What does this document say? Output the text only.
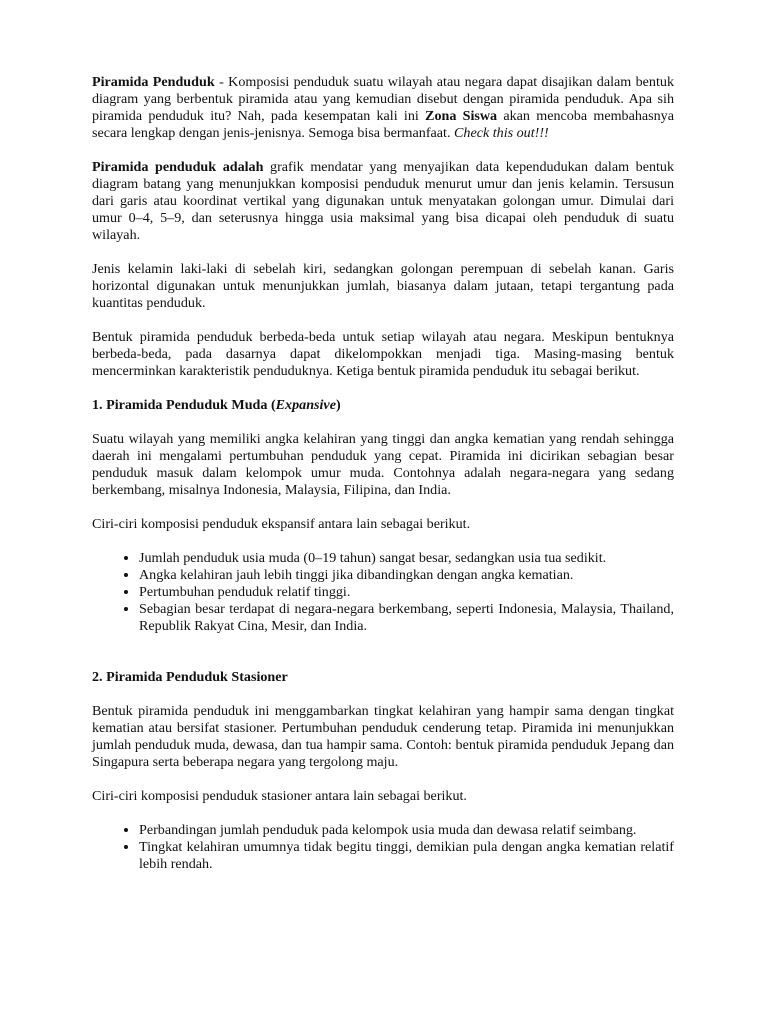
Piramida Penduduk - Komposisi penduduk suatu wilayah atau negara dapat disajikan dalam bentuk diagram yang berbentuk piramida atau yang kemudian disebut dengan piramida penduduk. Apa sih piramida penduduk itu? Nah, pada kesempatan kali ini Zona Siswa akan mencoba membahasnya secara lengkap dengan jenis-jenisnya. Semoga bisa bermanfaat. Check this out!!!

Piramida penduduk adalah grafik mendatar yang menyajikan data kependudukan dalam bentuk diagram batang yang menunjukkan komposisi penduduk menurut umur dan jenis kelamin. Tersusun dari garis atau koordinat vertikal yang digunakan untuk menyatakan golongan umur. Dimulai dari umur 0–4, 5–9, dan seterusnya hingga usia maksimal yang bisa dicapai oleh penduduk di suatu wilayah.

Jenis kelamin laki-laki di sebelah kiri, sedangkan golongan perempuan di sebelah kanan. Garis horizontal digunakan untuk menunjukkan jumlah, biasanya dalam jutaan, tetapi tergantung pada kuantitas penduduk.

Bentuk piramida penduduk berbeda-beda untuk setiap wilayah atau negara. Meskipun bentuknya berbeda-beda, pada dasarnya dapat dikelompokkan menjadi tiga. Masing-masing bentuk mencerminkan karakteristik penduduknya. Ketiga bentuk piramida penduduk itu sebagai berikut.

1. Piramida Penduduk Muda (Expansive)

Suatu wilayah yang memiliki angka kelahiran yang tinggi dan angka kematian yang rendah sehingga daerah ini mengalami pertumbuhan penduduk yang cepat. Piramida ini dicirikan sebagian besar penduduk masuk dalam kelompok umur muda. Contohnya adalah negara-negara yang sedang berkembang, misalnya Indonesia, Malaysia, Filipina, dan India.

Ciri-ciri komposisi penduduk ekspansif antara lain sebagai berikut.

• Jumlah penduduk usia muda (0–19 tahun) sangat besar, sedangkan usia tua sedikit.
• Angka kelahiran jauh lebih tinggi jika dibandingkan dengan angka kematian.
• Pertumbuhan penduduk relatif tinggi.
• Sebagian besar terdapat di negara-negara berkembang, seperti Indonesia, Malaysia, Thailand, Republik Rakyat Cina, Mesir, dan India.
2. Piramida Penduduk Stasioner

Bentuk piramida penduduk ini menggambarkan tingkat kelahiran yang hampir sama dengan tingkat kematian atau bersifat stasioner. Pertumbuhan penduduk cenderung tetap. Piramida ini menunjukkan jumlah penduduk muda, dewasa, dan tua hampir sama. Contoh: bentuk piramida penduduk Jepang dan Singapura serta beberapa negara yang tergolong maju.

Ciri-ciri komposisi penduduk stasioner antara lain sebagai berikut.

• Perbandingan jumlah penduduk pada kelompok usia muda dan dewasa relatif seimbang.
• Tingkat kelahiran umumnya tidak begitu tinggi, demikian pula dengan angka kematian relatif lebih rendah.
